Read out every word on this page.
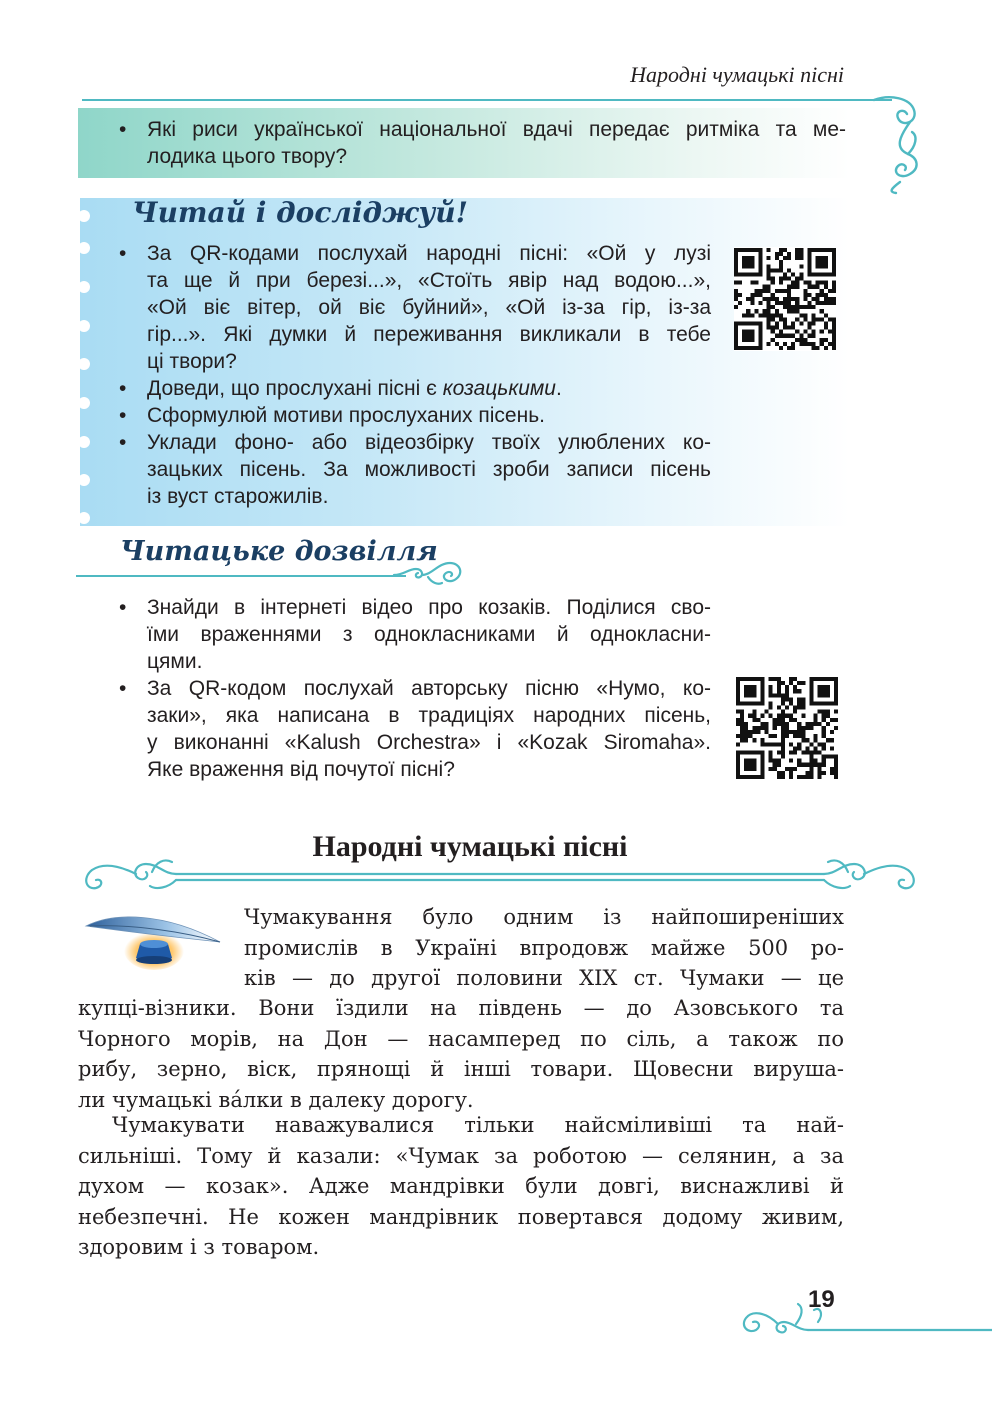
Народні чумацькі пісні
• Які риси української національної вдачі передає ритміка та ме-
лодика цього твору?
Читай і досліджуй!
• За QR-кодами послухай народні пісні: «Ой у лузі
та ще й при березі...», «Стоїть явір над водою...»,
«Ой віє вітер, ой віє буйний», «Ой із-за гір, із-за
гір...». Які думки й переживання викликали в тебе
ці твори?
• Доведи, що прослухані пісні є козацькими.
• Сформулюй мотиви прослуханих пісень.
• Уклади фоно- або відеозбірку твоїх улюблених ко-
зацьких пісень. За можливості зроби записи пісень
із вуст старожилів.
Читацьке дозвілля
• Знайди в інтернеті відео про козаків. Поділися сво-
їми враженнями з однокласниками й однокласни-
цями.
• За QR-кодом послухай авторську пісню «Нумо, ко-
заки», яка написана в традиціях народних пісень,
у виконанні «Kalush Orchestra» і «Kozak Siromaha».
Яке враження від почутої пісні?
Народні чумацькі пісні
Чумакування було одним із найпоширеніших
промислів в Україні впродовж майже 500 ро-
ків — до другої половини XIX ст. Чумаки — це
купці-візники. Вони їздили на південь — до Азовського та
Чорного морів, на Дон — насамперед по сіль, а також по
рибу, зерно, віск, прянощі й інші товари. Щовесни вируша-
ли чумацькі ва́лки в далеку дорогу.
Чумакувати наважувалися тільки найсміливіші та най-
сильніші. Тому й казали: «Чумак за роботою — селянин, а за
духом — козак». Адже мандрівки були довгі, виснажливі й
небезпечні. Не кожен мандрівник повертався додому живим,
здоровим і з товаром.
19
